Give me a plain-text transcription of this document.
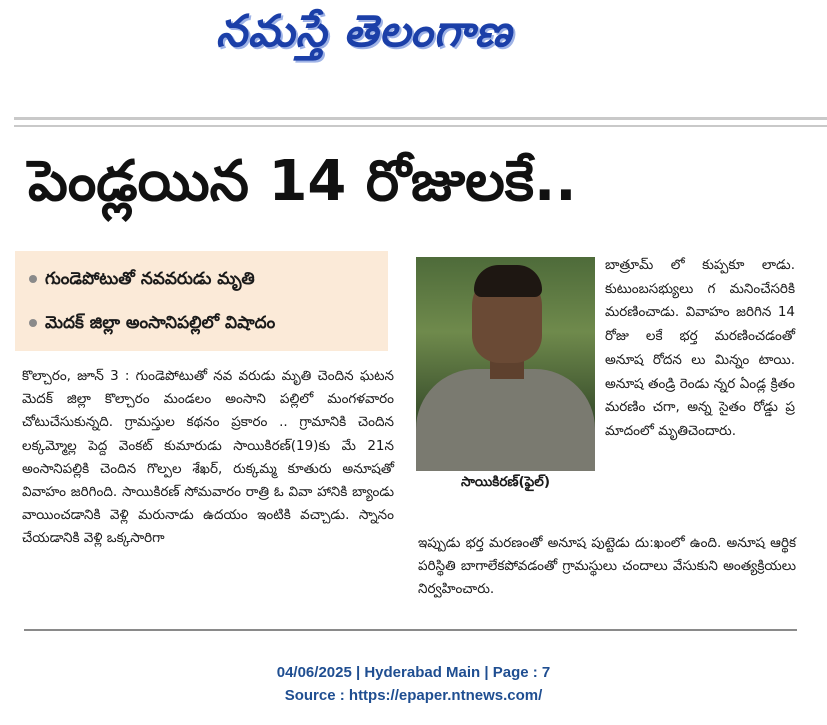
నమస్తే తెలంగాణ
పెండ్లయిన 14 రోజులకే..
గుండెపోటుతో నవవరుడు మృతి
మెదక్‌ జిల్లా అంసానిపల్లిలో విషాదం

కొల్చారం, జూన్‌ 3 : గుండెపోటుతో నవ వరుడు మృతి చెందిన ఘటన మెదక్‌ జిల్లా కొల్చారం మండలం అంసాని పల్లిలో మంగళవారం చోటుచేసుకున్నది. గ్రామస్తుల కథనం ప్రకారం .. గ్రామానికి చెందిన లక్కమ్మోల్ల పెద్ద వెంకట్‌ కుమారుడు సాయికిరణ్‌(19)కు మే 21న అంసానిపల్లికి చెందిన గొల్పల శేఖర్‌, రుక్కమ్మ కూతురు అనూషతో వివాహం జరిగింది. సాయికిరణ్‌ సోమవారం రాత్రి ఓ వివా హానికి బ్యాండు వాయించడానికి వెళ్లి మరునాడు ఉదయం ఇంటికి వచ్చాడు. స్నానం చేయడానికి వెళ్లి ఒక్కసారిగా

సాయికిరణ్‌(ఫైల్‌)

బాత్రూమ్‌ లో కుప్పకూ లాడు. కుటుంబసభ్యులు గ మనించేసరికి మరణించాడు. వివాహం జరిగిన 14 రోజు లకే భర్త మరణించడంతో అనూష రోదన లు మిన్నం టాయి. అనూష తండ్రి రెండు న్నర ఏండ్ల క్రితం మరణిం చగా, అన్న సైతం రోడ్డు ప్ర మాదంలో మృతిచెందారు.

ఇప్పుడు భర్త మరణంతో అనూష పుట్టెడు దు:ఖంలో ఉంది. అనూష ఆర్థిక పరిస్థితి బాగాలేకపోవడంతో గ్రామస్థులు చందాలు వేసుకుని అంత్యక్రియలు నిర్వహించారు.

04/06/2025 | Hyderabad Main | Page : 7
Source : https://epaper.ntnews.com/
